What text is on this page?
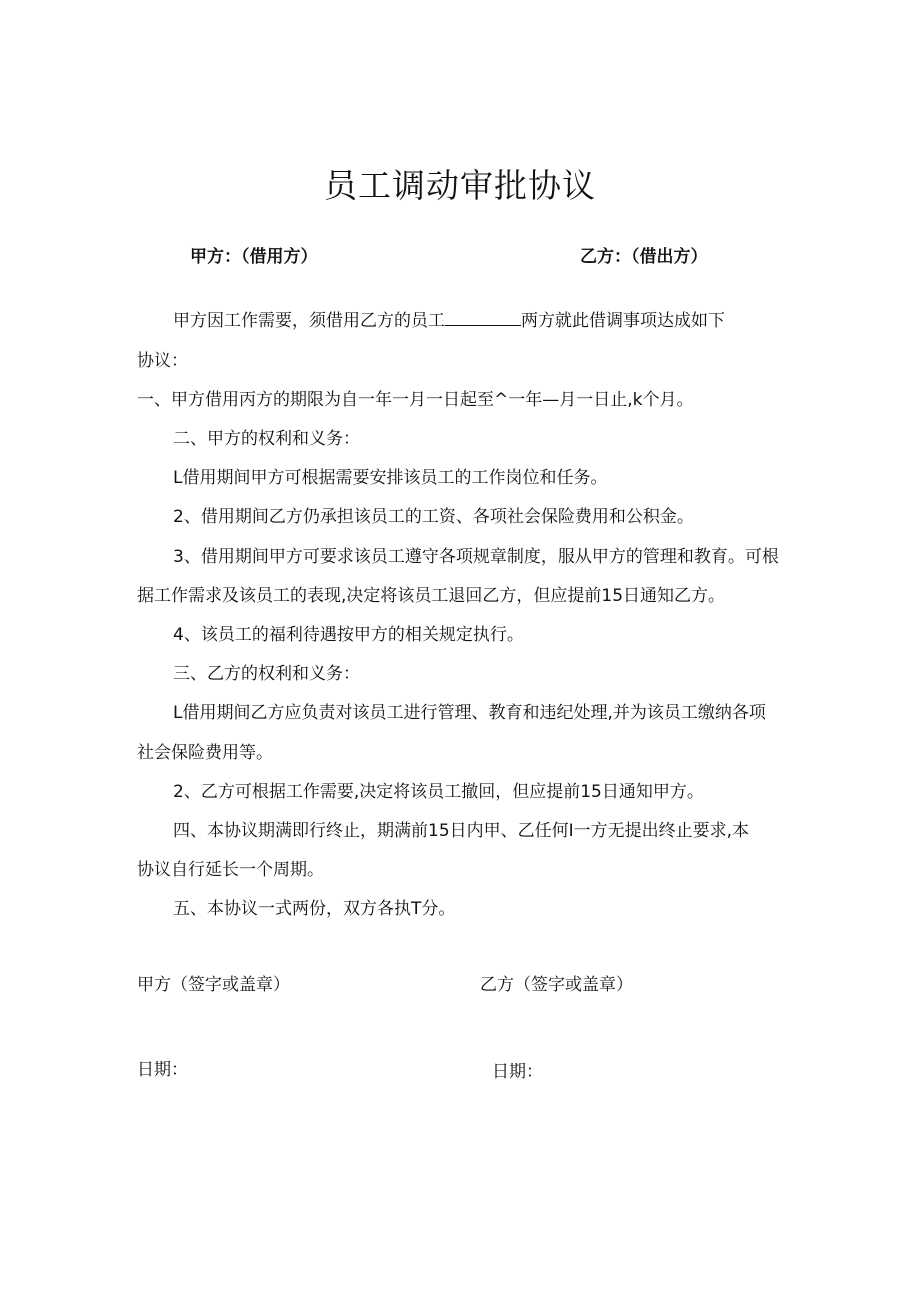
员工调动审批协议
甲方：（借用方）	乙方：（借出方）
甲方因工作需要，须借用乙方的员工	两方就此借调事项达成如下
协议：
一、甲方借用丙方的期限为自一年一月一日起至^一年—月一日止,k个月。
二、甲方的权利和义务：
L借用期间甲方可根据需要安排该员工的工作岗位和任务。
2、借用期间乙方仍承担该员工的工资、各项社会保险费用和公积金。
3、借用期间甲方可要求该员工遵守各项规章制度，服从甲方的管理和教育。可根
据工作需求及该员工的表现,决定将该员工退回乙方，但应提前15日通知乙方。
4、该员工的福利待遇按甲方的相关规定执行。
三、乙方的权利和义务：
L借用期间乙方应负责对该员工进行管理、教育和违纪处理,并为该员工缴纳各项
社会保险费用等。
2、乙方可根据工作需要,决定将该员工撤回，但应提前15日通知甲方。
四、本协议期满即行终止，期满前15日内甲、乙任何I一方无提出终止要求,本
协议自行延长一个周期。
五、本协议一式两份，双方各执T分。
甲方（签字或盖章）	乙方（签字或盖章）
日期：	日期：
